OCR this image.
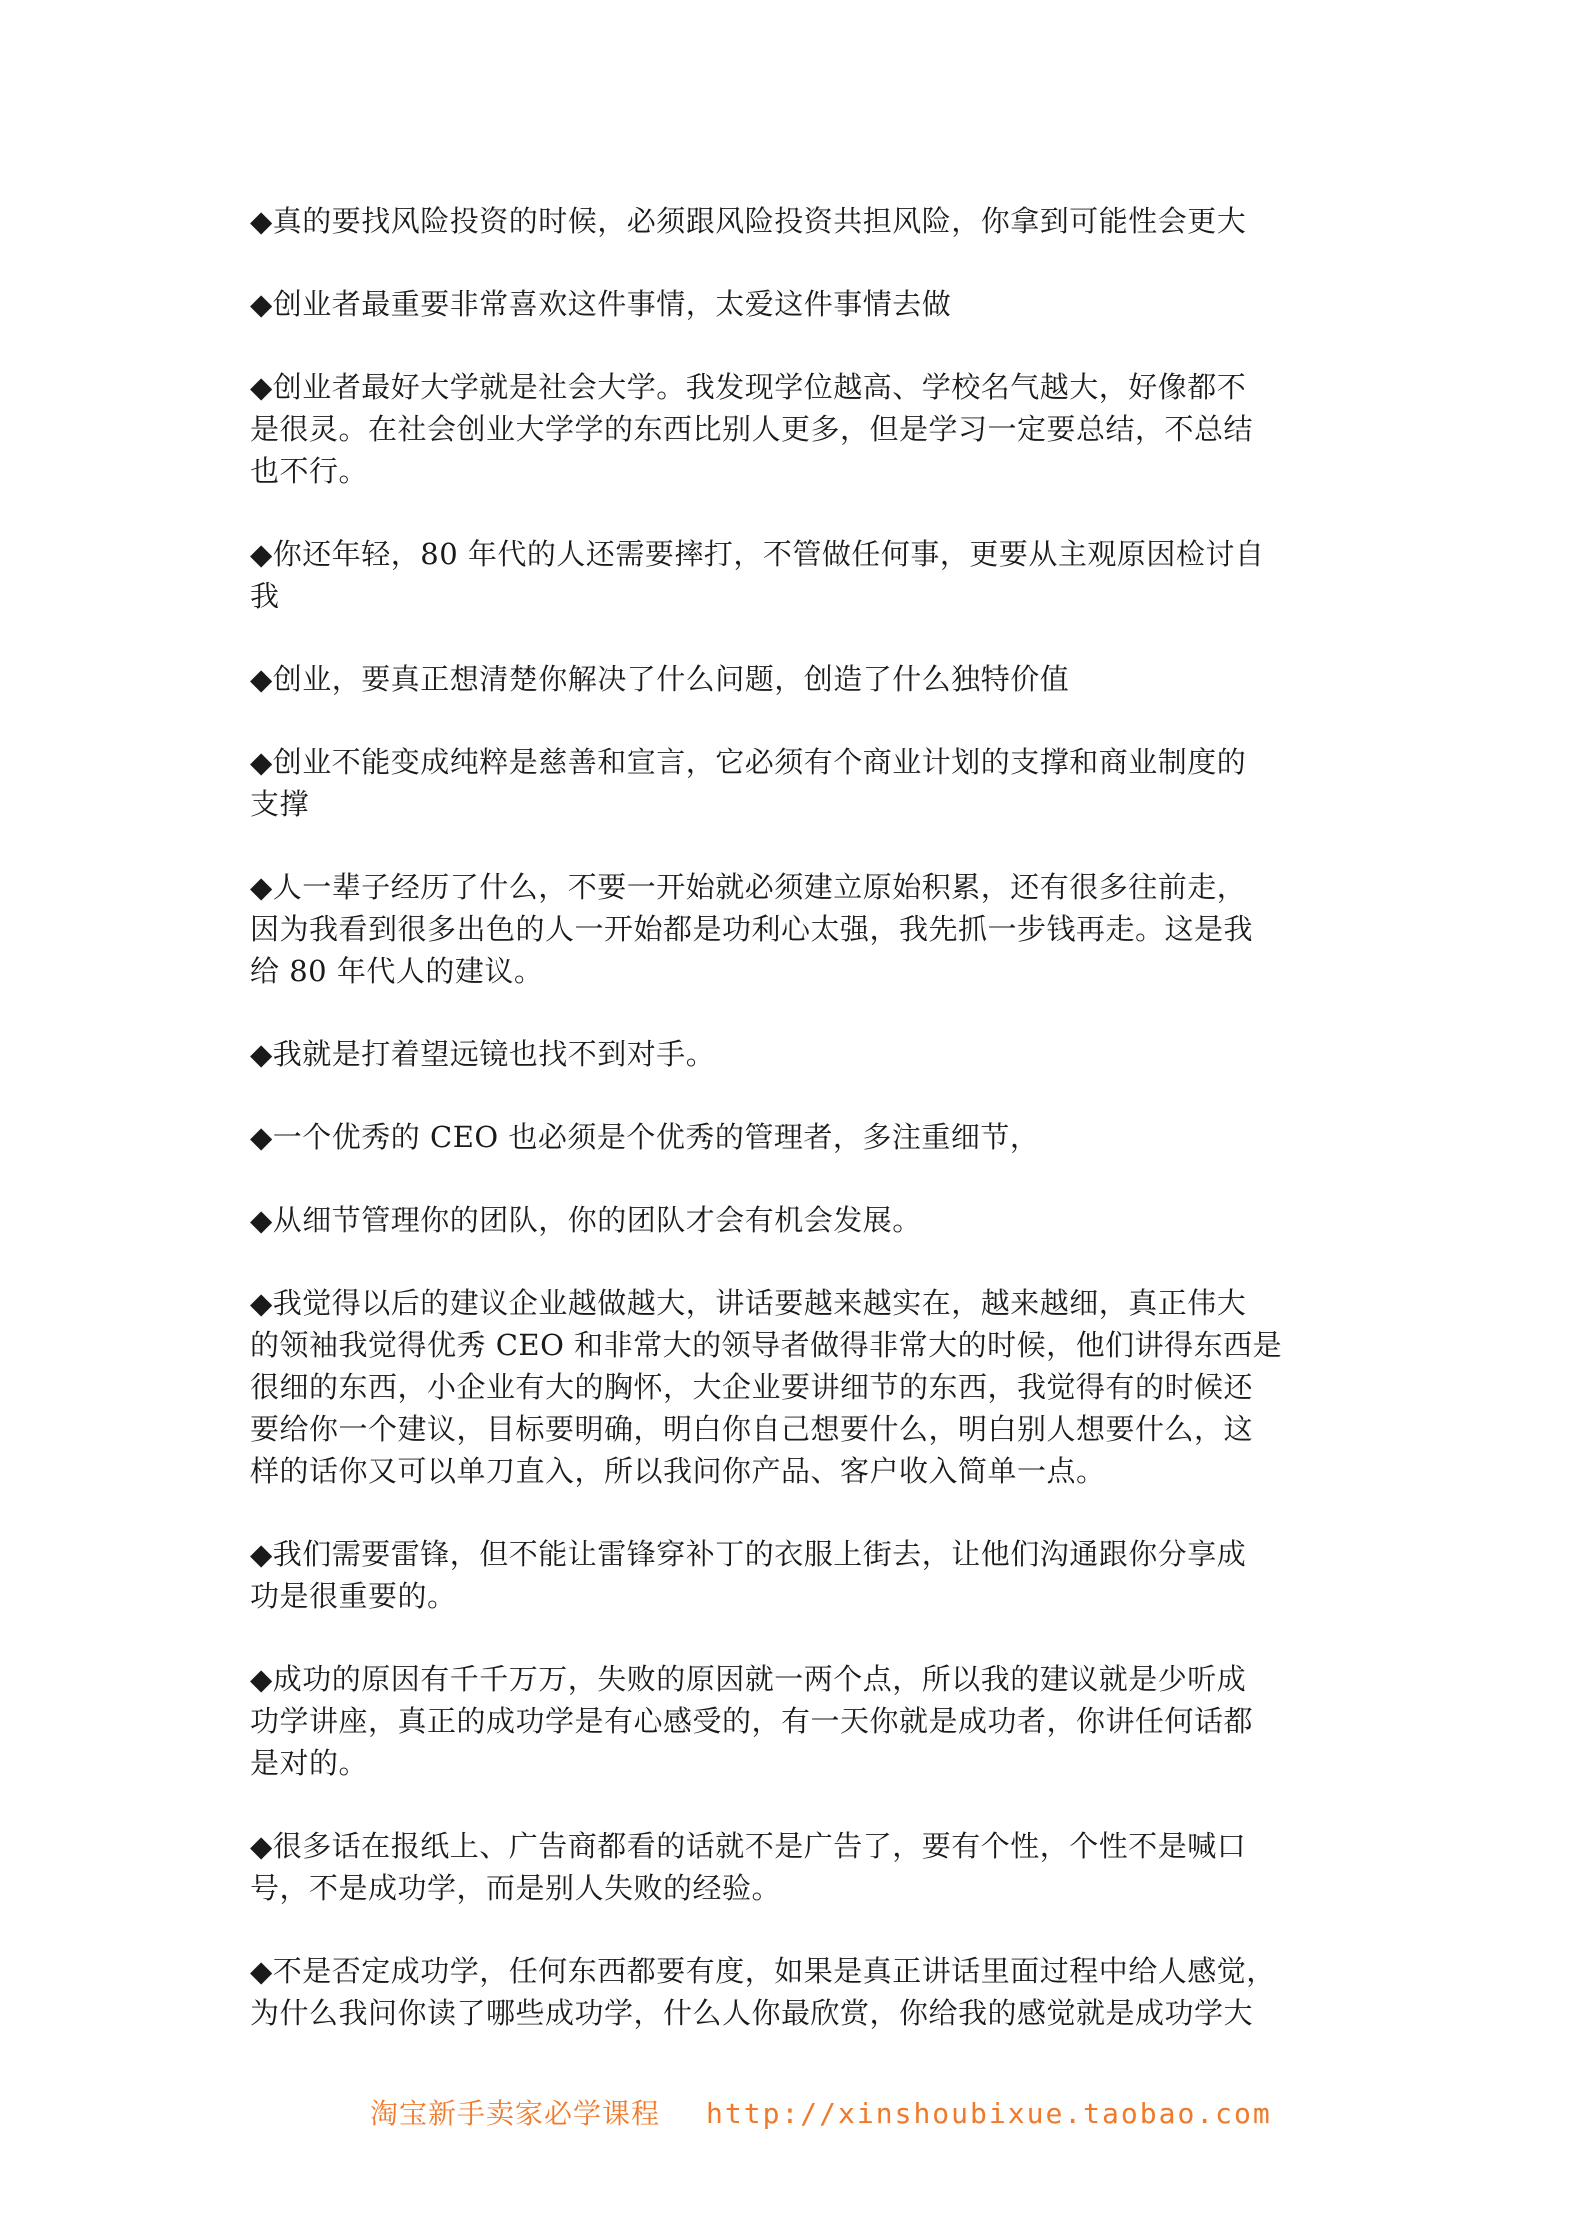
◆真的要找风险投资的时候，必须跟风险投资共担风险，你拿到可能性会更大

◆创业者最重要非常喜欢这件事情，太爱这件事情去做

◆创业者最好大学就是社会大学。我发现学位越高、学校名气越大，好像都不
是很灵。在社会创业大学学的东西比别人更多，但是学习一定要总结，不总结
也不行。

◆你还年轻，80 年代的人还需要摔打，不管做任何事，更要从主观原因检讨自
我

◆创业，要真正想清楚你解决了什么问题，创造了什么独特价值

◆创业不能变成纯粹是慈善和宣言，它必须有个商业计划的支撑和商业制度的
支撑

◆人一辈子经历了什么，不要一开始就必须建立原始积累，还有很多往前走，
因为我看到很多出色的人一开始都是功利心太强，我先抓一步钱再走。这是我
给 80 年代人的建议。

◆我就是打着望远镜也找不到对手。

◆一个优秀的 CEO 也必须是个优秀的管理者，多注重细节，

◆从细节管理你的团队，你的团队才会有机会发展。

◆我觉得以后的建议企业越做越大，讲话要越来越实在，越来越细，真正伟大
的领袖我觉得优秀 CEO 和非常大的领导者做得非常大的时候，他们讲得东西是
很细的东西，小企业有大的胸怀，大企业要讲细节的东西，我觉得有的时候还
要给你一个建议，目标要明确，明白你自己想要什么，明白别人想要什么，这
样的话你又可以单刀直入，所以我问你产品、客户收入简单一点。

◆我们需要雷锋，但不能让雷锋穿补丁的衣服上街去，让他们沟通跟你分享成
功是很重要的。

◆成功的原因有千千万万，失败的原因就一两个点，所以我的建议就是少听成
功学讲座，真正的成功学是有心感受的，有一天你就是成功者，你讲任何话都
是对的。

◆很多话在报纸上、广告商都看的话就不是广告了，要有个性，个性不是喊口
号，不是成功学，而是别人失败的经验。

◆不是否定成功学，任何东西都要有度，如果是真正讲话里面过程中给人感觉，
为什么我问你读了哪些成功学，什么人你最欣赏，你给我的感觉就是成功学大

淘宝新手卖家必学课程 http://xinshoubixue.taobao.com
